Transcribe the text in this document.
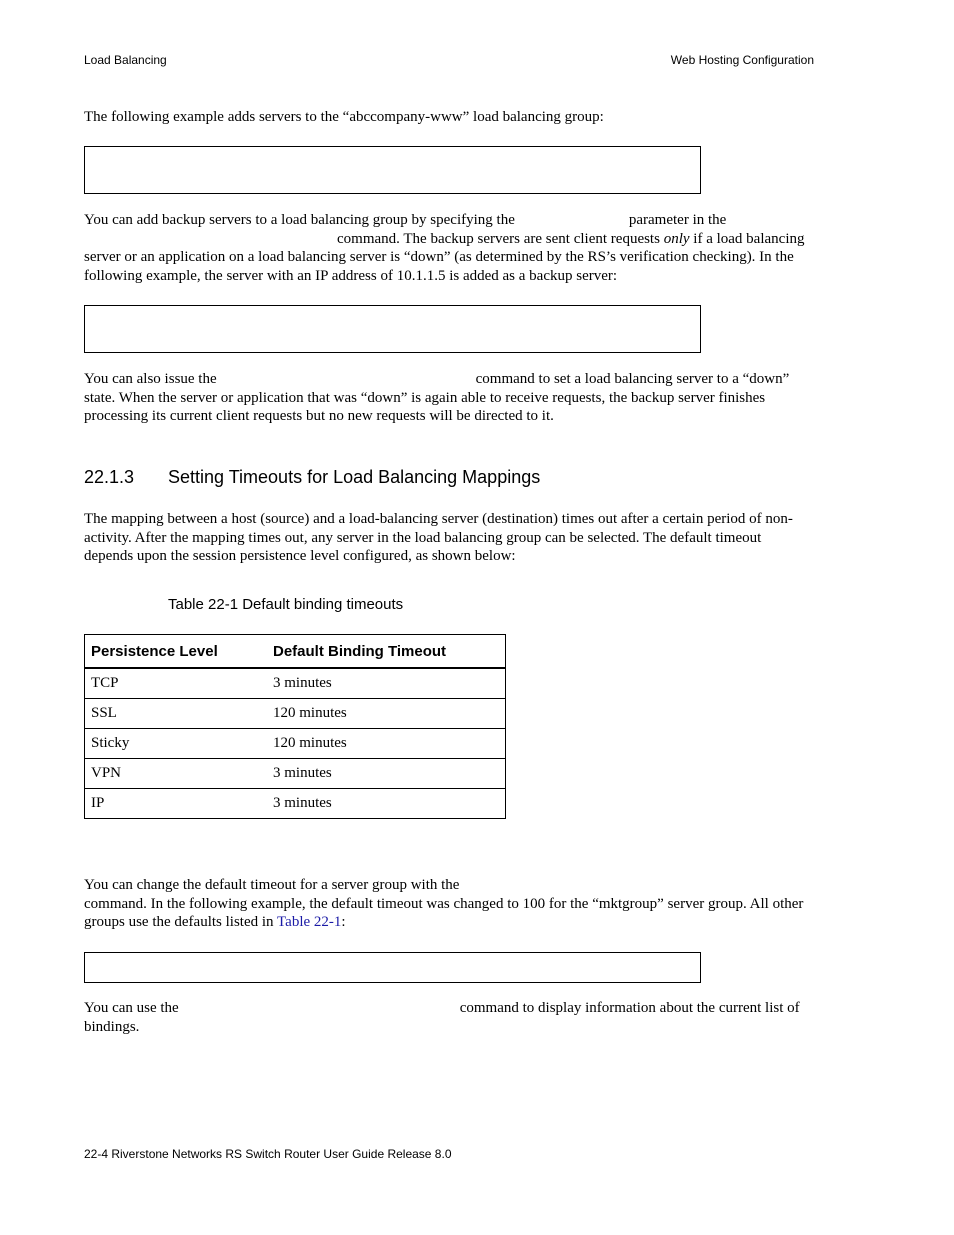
Load Balancing	Web Hosting Configuration
The following example adds servers to the “abccompany-www” load balancing group:
You can add backup servers to a load balancing group by specifying the	parameter in the
command. The backup servers are sent client requests only if a load balancing server or an application on a load balancing server is “down” (as determined by the RS’s verification checking). In the following example, the server with an IP address of 10.1.1.5 is added as a backup server:
You can also issue the	command to set a load balancing server to a “down” state. When the server or application that was “down” is again able to receive requests, the backup server finishes processing its current client requests but no new requests will be directed to it.
22.1.3 Setting Timeouts for Load Balancing Mappings
The mapping between a host (source) and a load-balancing server (destination) times out after a certain period of non-activity. After the mapping times out, any server in the load balancing group can be selected. The default timeout depends upon the session persistence level configured, as shown below:
Table 22-1 Default binding timeouts
Persistence Level	Default Binding Timeout
TCP	3 minutes
SSL	120 minutes
Sticky	120 minutes
VPN	3 minutes
IP	3 minutes
You can change the default timeout for a server group with the
command. In the following example, the default timeout was changed to 100 for the “mktgroup” server group. All other groups use the defaults listed in Table 22-1:
You can use the	command to display information about the current list of bindings.
22-4 Riverstone Networks RS Switch Router User Guide Release 8.0
